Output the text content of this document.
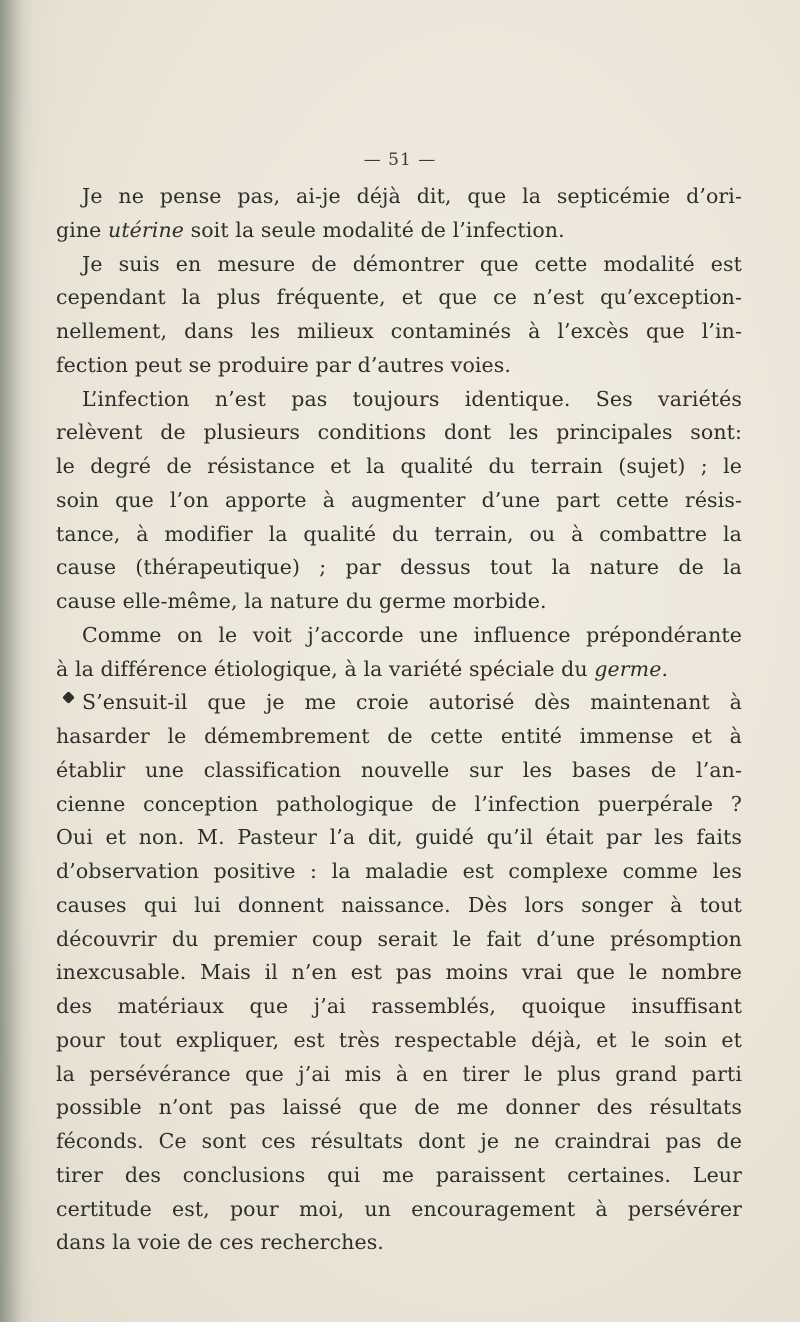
— 51 —
Je ne pense pas, ai-je déjà dit, que la septicémie d’ori-
gine utérine soit la seule modalité de l’infection.
Je suis en mesure de démontrer que cette modalité est
cependant la plus fréquente, et que ce n’est qu’exception-
nellement, dans les milieux contaminés à l’excès que l’in-
fection peut se produire par d’autres voies.
L’infection n’est pas toujours identique. Ses variétés
relèvent de plusieurs conditions dont les principales sont:
le degré de résistance et la qualité du terrain (sujet) ; le
soin que l’on apporte à augmenter d’une part cette résis-
tance, à modifier la qualité du terrain, ou à combattre la
cause (thérapeutique) ; par dessus tout la nature de la
cause elle-même, la nature du germe morbide.
Comme on le voit j’accorde une influence prépondérante
à la différence étiologique, à la variété spéciale du germe.
S’ensuit-il que je me croie autorisé dès maintenant à
hasarder le démembrement de cette entité immense et à
établir une classification nouvelle sur les bases de l’an-
cienne conception pathologique de l’infection puerpérale ?
Oui et non. M. Pasteur l’a dit, guidé qu’il était par les faits
d’observation positive : la maladie est complexe comme les
causes qui lui donnent naissance. Dès lors songer à tout
découvrir du premier coup serait le fait d’une présomption
inexcusable. Mais il n’en est pas moins vrai que le nombre
des matériaux que j’ai rassemblés, quoique insuffisant
pour tout expliquer, est très respectable déjà, et le soin et
la persévérance que j’ai mis à en tirer le plus grand parti
possible n’ont pas laissé que de me donner des résultats
féconds. Ce sont ces résultats dont je ne craindrai pas de
tirer des conclusions qui me paraissent certaines. Leur
certitude est, pour moi, un encouragement à persévérer
dans la voie de ces recherches.
